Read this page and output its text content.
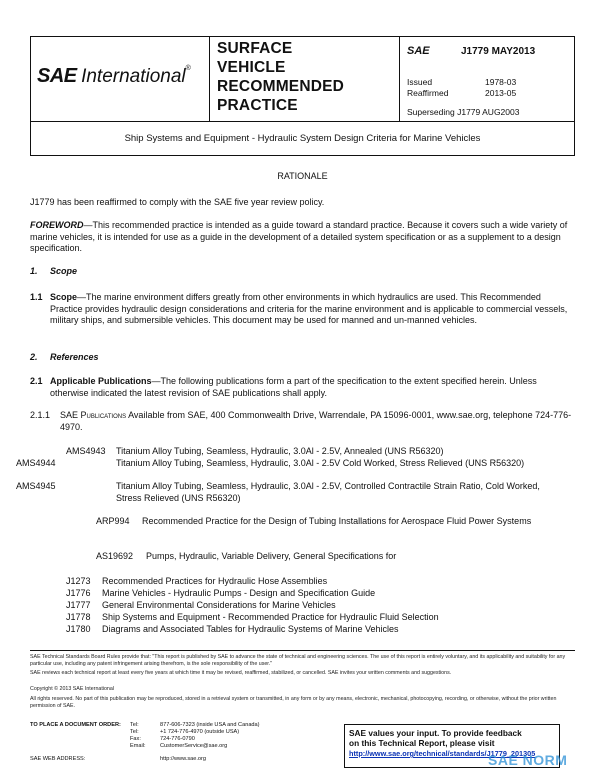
SAE International®
SURFACE
VEHICLE
RECOMMENDED
PRACTICE
SAE	J1779 MAY2013
Issued	1978-03
Reaffirmed	2013-05
Superseding J1779 AUG2003
Ship Systems and Equipment - Hydraulic System Design Criteria for Marine Vehicles
RATIONALE
J1779 has been reaffirmed to comply with the SAE five year review policy.
FOREWORD—This recommended practice is intended as a guide toward a standard practice. Because it covers such a wide variety of marine vehicles, it is intended for use as a guide in the development of a detailed system specification or as a supplement to a design specification.
1. Scope
1.1 Scope—The marine environment differs greatly from other environments in which hydraulics are used. This Recommended Practice provides hydraulic design considerations and criteria for the marine environment and is applicable to commercial vessels, military ships, and submersible vehicles. This document may be used for manned and un-manned vehicles.
2. References
2.1 Applicable Publications—The following publications form a part of the specification to the extent specified herein. Unless otherwise indicated the latest revision of SAE publications shall apply.
2.1.1 SAE Publications Available from SAE, 400 Commonwealth Drive, Warrendale, PA 15096-0001, www.sae.org, telephone 724-776-4970.
AMS4943 Titanium Alloy Tubing, Seamless, Hydraulic, 3.0Al - 2.5V, Annealed (UNS R56320)
AMS4944	Titanium Alloy Tubing, Seamless, Hydraulic, 3.0Al - 2.5V Cold Worked, Stress Relieved (UNS R56320)
AMS4945	Titanium Alloy Tubing, Seamless, Hydraulic, 3.0Al - 2.5V, Controlled Contractile Strain Ratio, Cold Worked, Stress Relieved (UNS R56320)
ARP994 Recommended Practice for the Design of Tubing Installations for Aerospace Fluid Power Systems
AS19692 Pumps, Hydraulic, Variable Delivery, General Specifications for
J1273 Recommended Practices for Hydraulic Hose Assemblies
J1776 Marine Vehicles - Hydraulic Pumps - Design and Specification Guide
J1777 General Environmental Considerations for Marine Vehicles
J1778 Ship Systems and Equipment - Recommended Practice for Hydraulic Fluid Selection
J1780 Diagrams and Associated Tables for Hydraulic Systems of Marine Vehicles
SAE Technical Standards Board Rules provide that: "This report is published by SAE to advance the state of technical and engineering sciences. The use of this report is entirely voluntary, and its applicability and suitability for any particular use, including any patent infringement arising therefrom, is the sole responsibility of the user."
SAE reviews each technical report at least every five years at which time it may be revised, reaffirmed, stabilized, or cancelled. SAE invites your written comments and suggestions.
Copyright © 2013 SAE International
All rights reserved. No part of this publication may be reproduced, stored in a retrieval system or transmitted, in any form or by any means, electronic, mechanical, photocopying, recording, or otherwise, without the prior written permission of SAE.
TO PLACE A DOCUMENT ORDER: Tel:	877-606-7323 (inside USA and Canada)
Tel:	+1 724-776-4970 (outside USA)
Fax:	724-776-0790
Email:	CustomerService@sae.org
SAE WEB ADDRESS:	http://www.sae.org
SAE values your input. To provide feedback
on this Technical Report, please visit
http://www.sae.org/technical/standards/J1779_201305
SAE NORM
